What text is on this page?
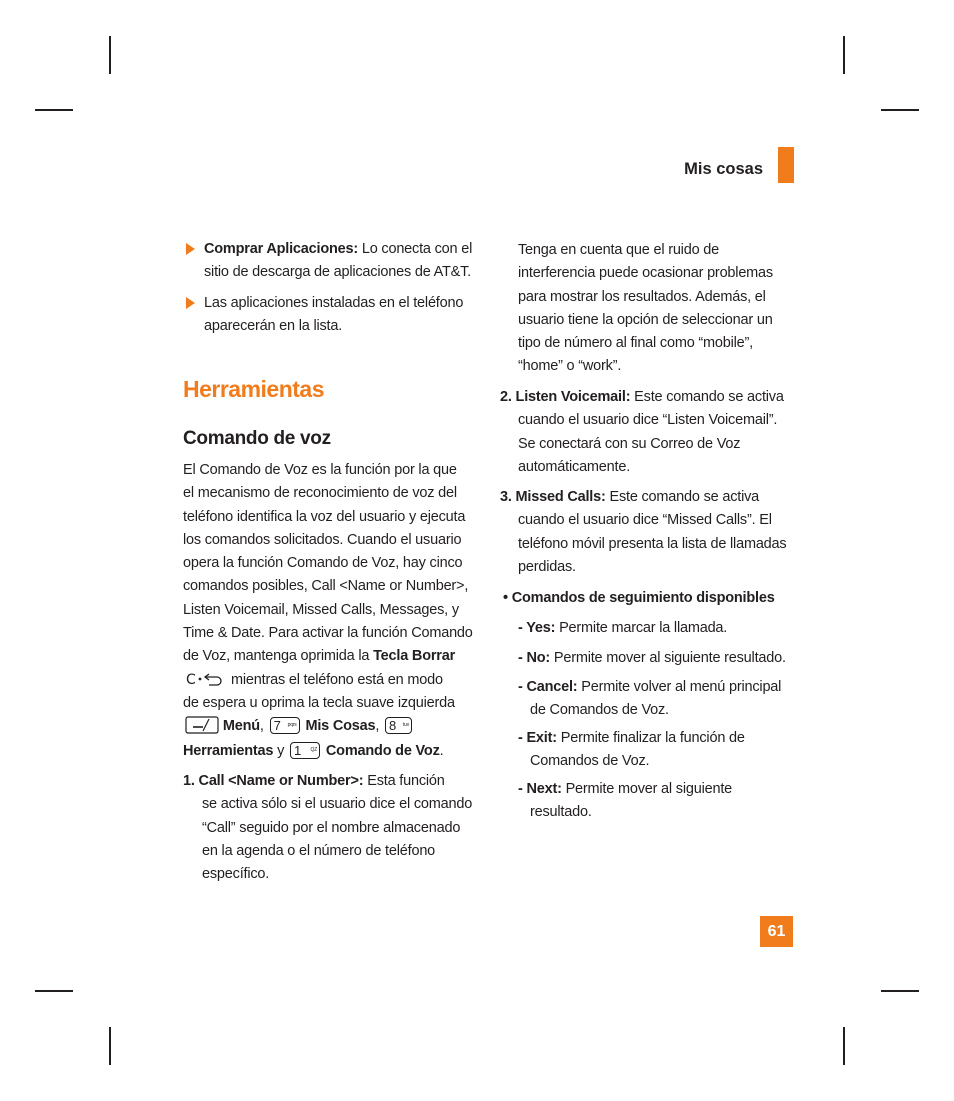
Mis cosas
Comprar Aplicaciones: Lo conecta con el
sitio de descarga de aplicaciones de AT&T.
Las aplicaciones instaladas en el teléfono
aparecerán en la lista.
Herramientas
Comando de voz
El Comando de Voz es la función por la que
el mecanismo de reconocimiento de voz del
teléfono identifica la voz del usuario y ejecuta
los comandos solicitados. Cuando el usuario
opera la función Comando de Voz, hay cinco
comandos posibles, Call <Name or Number>,
Listen Voicemail, Missed Calls, Messages, y
Time & Date. Para activar la función Comando
de Voz, mantenga oprimida la Tecla Borrar
C mientras el teléfono está en modo
de espera u oprima la tecla suave izquierda
Menú, 7 pqrs Mis Cosas, 8 tuv
Herramientas y 1 QZ Comando de Voz.
1. Call <Name or Number>: Esta función
se activa sólo si el usuario dice el comando
“Call” seguido por el nombre almacenado
en la agenda o el número de teléfono
específico.
Tenga en cuenta que el ruido de
interferencia puede ocasionar problemas
para mostrar los resultados. Además, el
usuario tiene la opción de seleccionar un
tipo de número al final como “mobile”,
“home” o “work”.
2. Listen Voicemail: Este comando se activa
cuando el usuario dice “Listen Voicemail”.
Se conectará con su Correo de Voz
automáticamente.
3. Missed Calls: Este comando se activa
cuando el usuario dice “Missed Calls”. El
teléfono móvil presenta la lista de llamadas
perdidas.
• Comandos de seguimiento disponibles
- Yes: Permite marcar la llamada.
- No: Permite mover al siguiente resultado.
- Cancel: Permite volver al menú principal
de Comandos de Voz.
- Exit: Permite finalizar la función de
Comandos de Voz.
- Next: Permite mover al siguiente
resultado.
61
